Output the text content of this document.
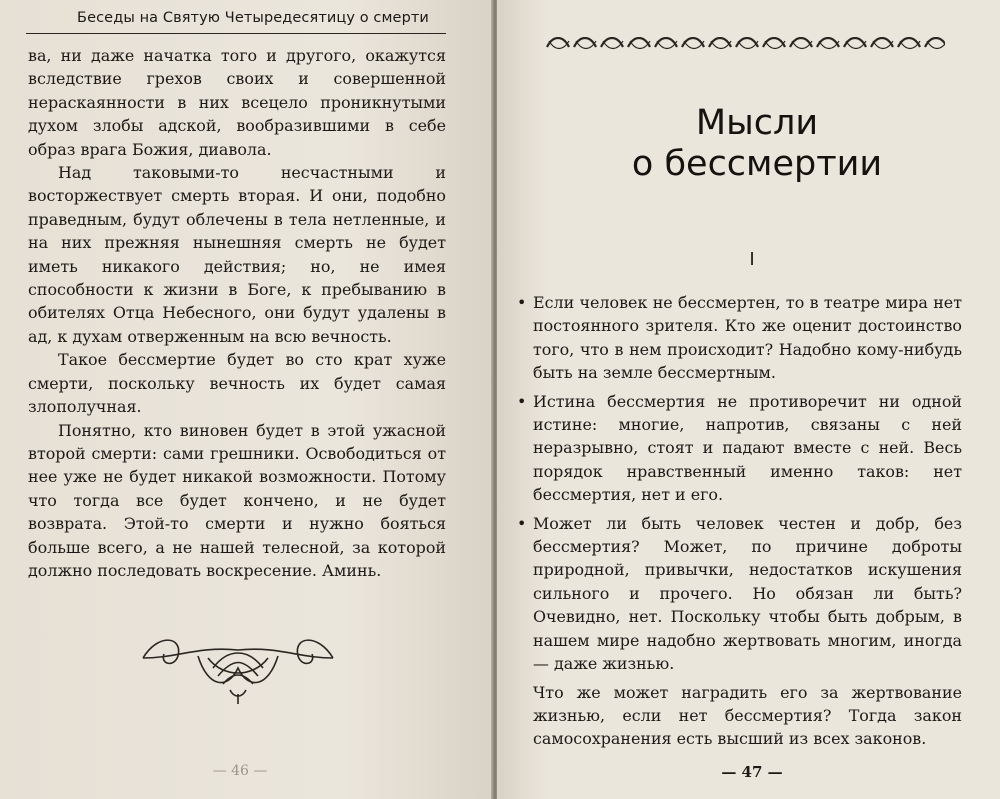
Беседы на Святую Четыредесятицу о смерти

ва, ни даже начатка того и другого, окажутся вследствие грехов своих и совершенной нераскаянности в них всецело проникнутыми духом злобы адской, вообразившими в себе образ врага Божия, диавола.

Над таковыми-то несчастными и восторжествует смерть вторая. И они, подобно праведным, будут облечены в тела нетленные, и на них прежняя нынешняя смерть не будет иметь никакого действия; но, не имея способности к жизни в Боге, к пребыванию в обителях Отца Небесного, они будут удалены в ад, к духам отверженным на всю вечность.

Такое бессмертие будет во сто крат хуже смерти, поскольку вечность их будет самая злополучная.

Понятно, кто виновен будет в этой ужасной второй смерти: сами грешники. Освободиться от нее уже не будет никакой возможности. Потому что тогда все будет кончено, и не будет возврата. Этой-то смерти и нужно бояться больше всего, а не нашей телесной, за которой должно последовать воскресение. Аминь.

— 46 —
Мысли
о бессмертии
I
• Если человек не бессмертен, то в театре мира нет постоянного зрителя. Кто же оценит достоинство того, что в нем происходит? Надобно кому-нибудь быть на земле бессмертным.
• Истина бессмертия не противоречит ни одной истине: многие, напротив, связаны с ней неразрывно, стоят и падают вместе с ней. Весь порядок нравственный именно таков: нет бессмертия, нет и его.
• Может ли быть человек честен и добр, без бессмертия? Может, по причине доброты природной, привычки, недостатков искушения сильного и прочего. Но обязан ли быть? Очевидно, нет. Поскольку чтобы быть добрым, в нашем мире надобно жертвовать многим, иногда — даже жизнью.

Что же может наградить его за жертвование жизнью, если нет бессмертия? Тогда закон самосохранения есть высший из всех законов.

— 47 —
